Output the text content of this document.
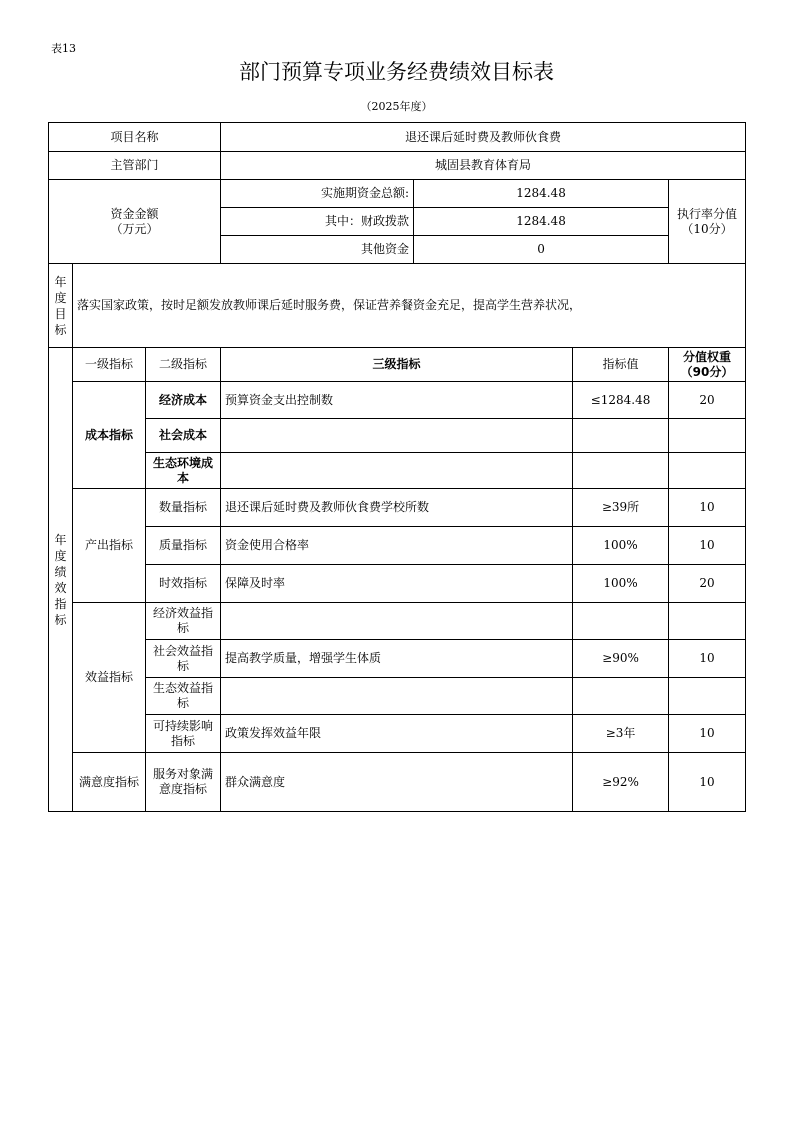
表13
部门预算专项业务经费绩效目标表
（2025年度）
项目名称			退还课后延时费及教师伙食费			
主管部门			城固县教育体育局			
资金金额
（万元）			实施期资金总额:	1284.48		执行率分值
（10分）
			其中：财政拨款	1284.48		
			其他资金	0		
年度目标	落实国家政策，按时足额发放教师课后延时服务费，保证营养餐资金充足，提高学生营养状况，					
年度绩效指标	一级指标	二级指标	三级指标		指标值	分值权重（90分）
	成本指标	经济成本	预算资金支出控制数		≤1284.48	20
		社会成本				
		生态环境成本				
	产出指标	数量指标	退还课后延时费及教师伙食费学校所数		≥39所	10
		质量指标	资金使用合格率		100%	10
		时效指标	保障及时率		100%	20
	效益指标	经济效益指标				
		社会效益指标	提高教学质量，增强学生体质		≥90%	10
		生态效益指标				
		可持续影响指标	政策发挥效益年限		≥3年	10
	满意度指标	服务对象满意度指标	群众满意度		≥92%	10
